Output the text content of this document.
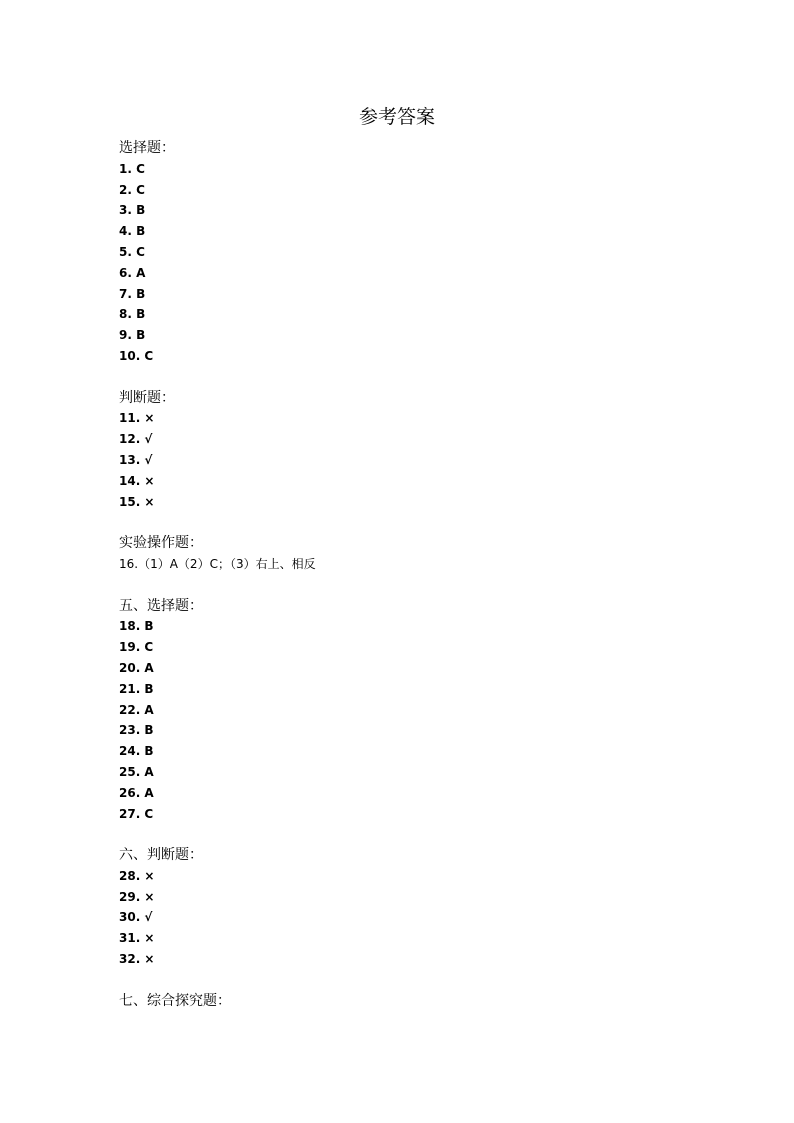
参考答案
选择题：
1. C
2. C
3. B
4. B
5. C
6. A
7. B
8. B
9. B
10. C
判断题：
11. ×
12. √
13. √
14. ×
15. ×
实验操作题：
16.（1）A（2）C；（3）右上、相反
五、选择题：
18. B
19. C
20. A
21. B
22. A
23. B
24. B
25. A
26. A
27. C
六、判断题：
28. ×
29. ×
30. √
31. ×
32. ×
七、综合探究题：
